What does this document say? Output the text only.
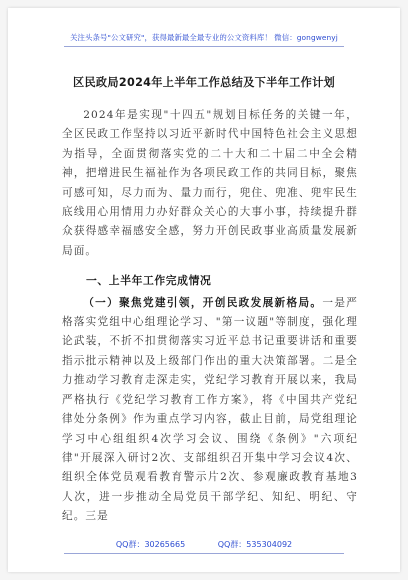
关注头条号"公文研究"，获得最新最全最专业的公文资料库！ 微信：gongwenyj
区民政局2024年上半年工作总结及下半年工作计划

2024年是实现"十四五"规划目标任务的关键一年，全区民政工作坚持以习近平新时代中国特色社会主义思想为指导，全面贯彻落实党的二十大和二十届二中全会精神，把增进民生福祉作为各项民政工作的共同目标，聚焦可感可知，尽力而为、量力而行，兜住、兜准、兜牢民生底线用心用情用力办好群众关心的大事小事，持续提升群众获得感幸福感安全感，努力开创民政事业高质量发展新局面。

一、上半年工作完成情况

（一）聚焦党建引领，开创民政发展新格局。一是严格落实党组中心组理论学习、"第一议题"等制度，强化理论武装，不折不扣贯彻落实习近平总书记重要讲话和重要指示批示精神以及上级部门作出的重大决策部署。二是全力推动学习教育走深走实，党纪学习教育开展以来，我局严格执行《党纪学习教育工作方案》，将《中国共产党纪律处分条例》作为重点学习内容，截止目前，局党组理论学习中心组组织4次学习会议、围绕《条例》"六项纪律"开展深入研讨2次、支部组织召开集中学习会议4次、组织全体党员观看教育警示片2次、参观廉政教育基地3人次，进一步推动全局党员干部学纪、知纪、明纪、守纪。三是

QQ群：30265665	QQ群：535304092
